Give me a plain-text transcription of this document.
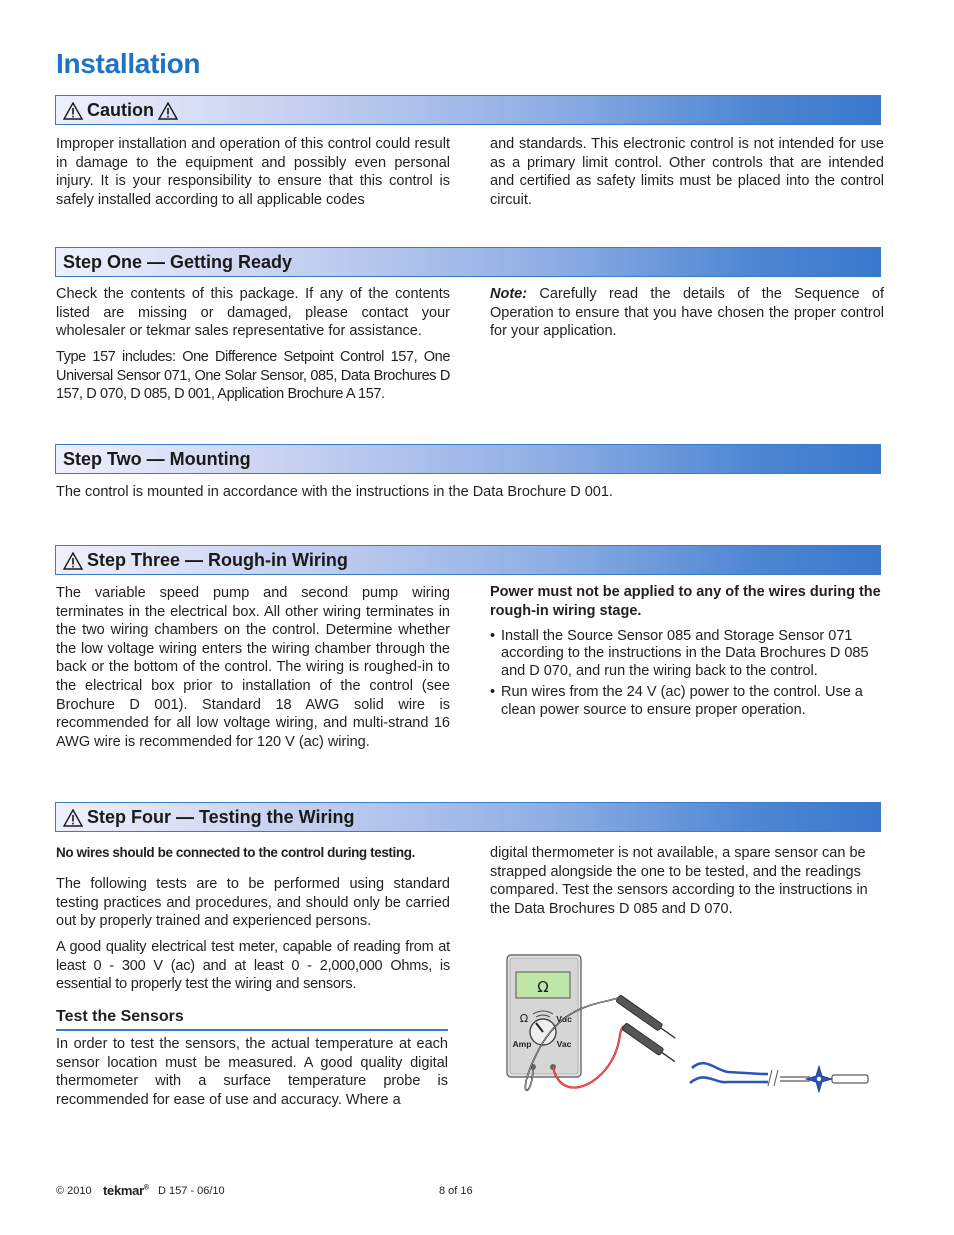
Installation
Caution
Improper installation and operation of this control could result in damage to the equipment and possibly even personal injury. It is your responsibility to ensure that this control is safely installed according to all applicable codes
and standards. This electronic control is not intended for use as a primary limit control. Other controls that are intended and certified as safety limits must be placed into the control circuit.
Step One — Getting Ready
Check the contents of this package. If any of the contents listed are missing or damaged, please contact your wholesaler or tekmar sales representative for assistance.
Type 157 includes: One Difference Setpoint Control 157, One Universal Sensor 071, One Solar Sensor, 085, Data Brochures D 157, D 070, D 085, D 001, Application Brochure A 157.
Note: Carefully read the details of the Sequence of Operation to ensure that you have chosen the proper control for your application.
Step Two — Mounting
The control is mounted in accordance with the instructions in the Data Brochure D 001.
Step Three — Rough-in Wiring
The variable speed pump and second pump wiring terminates in the electrical box. All other wiring terminates in the two wiring chambers on the control. Determine whether the low voltage wiring enters the wiring chamber through the back or the bottom of the control. The wiring is roughed-in to the electrical box prior to installation of the control (see Brochure D 001). Standard 18 AWG solid wire is recommended for all low voltage wiring, and multi-strand 16 AWG wire is recommended for 120 V (ac) wiring.
Power must not be applied to any of the wires during the rough-in wiring stage.
• Install the Source Sensor 085 and Storage Sensor 071 according to the instructions in the Data Brochures D 085 and D 070, and run the wiring back to the control.
• Run wires from the 24 V (ac) power to the control. Use a clean power source to ensure proper operation.
Step Four — Testing the Wiring
No wires should be connected to the control during testing.
The following tests are to be performed using standard testing practices and procedures, and should only be carried out by properly trained and experienced persons.
A good quality electrical test meter, capable of reading from at least 0 - 300 V (ac) and at least 0 - 2,000,000 Ohms, is essential to properly test the wiring and sensors.
Test the Sensors
In order to test the sensors, the actual temperature at each sensor location must be measured. A good quality digital thermometer with a surface temperature probe is recommended for ease of use and accuracy. Where a
digital thermometer is not available, a spare sensor can be strapped alongside the one to be tested, and the readings compared. Test the sensors according to the instructions in the Data Brochures D 085 and D 070.
Ω
Ω	Vdc
Amp	Vac
© 2010 tekmar® D 157 - 06/10	8 of 16
